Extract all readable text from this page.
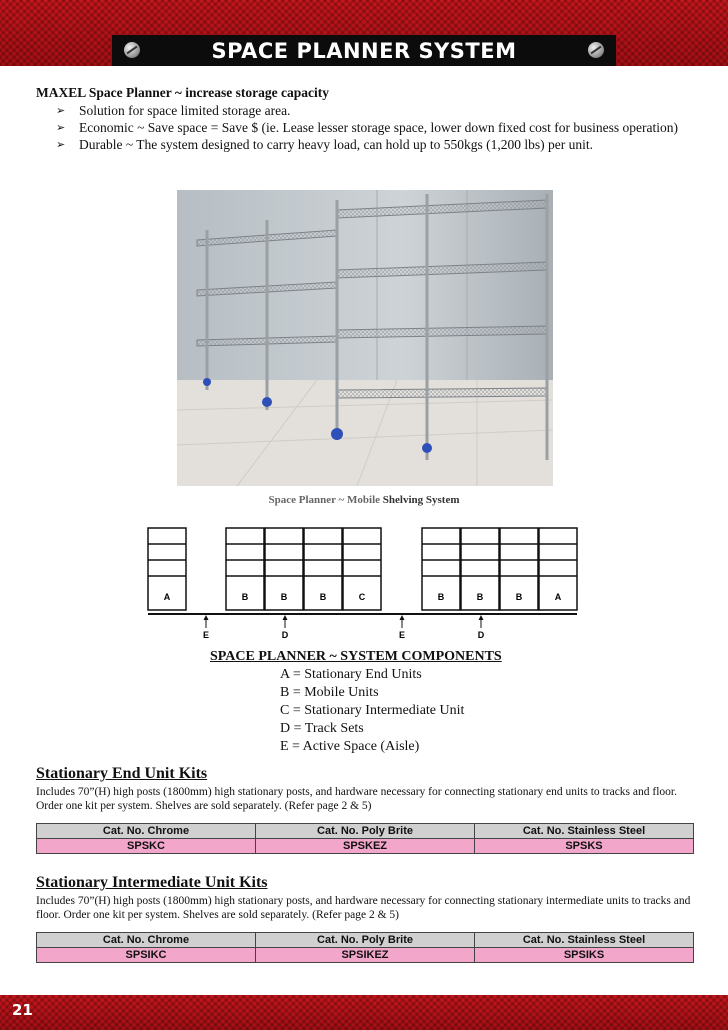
SPACE PLANNER SYSTEM
MAXEL Space Planner ~ increase storage capacity
➢ Solution for space limited storage area.
➢ Economic ~ Save space = Save $ (ie. Lease lesser storage space, lower down fixed cost for business operation)
➢ Durable ~ The system designed to carry heavy load, can hold up to 550kgs (1,200 lbs) per unit.
Space Planner ~ Mobile Shelving System
A	B	B	B	C	B	B	B	A
E	D	E	D
SPACE PLANNER ~ SYSTEM COMPONENTS
A = Stationary End Units
B = Mobile Units
C = Stationary Intermediate Unit
D = Track Sets
E = Active Space (Aisle)

Stationary End Unit Kits

Includes 70”(H) high posts (1800mm) high stationary posts, and hardware necessary for connecting stationary end units to tracks and floor. Order one kit per system. Shelves are sold separately. (Refer page 2 & 5)
Cat. No. Chrome	Cat. No. Poly Brite	Cat. No. Stainless Steel
SPSKC	SPSKEZ	SPSKS

Stationary Intermediate Unit Kits

Includes 70”(H) high posts (1800mm) high stationary posts, and hardware necessary for connecting stationary intermediate units to tracks and floor. Order one kit per system. Shelves are sold separately. (Refer page 2 & 5)
Cat. No. Chrome	Cat. No. Poly Brite	Cat. No. Stainless Steel
SPSIKC	SPSIKEZ	SPSIKS
21
